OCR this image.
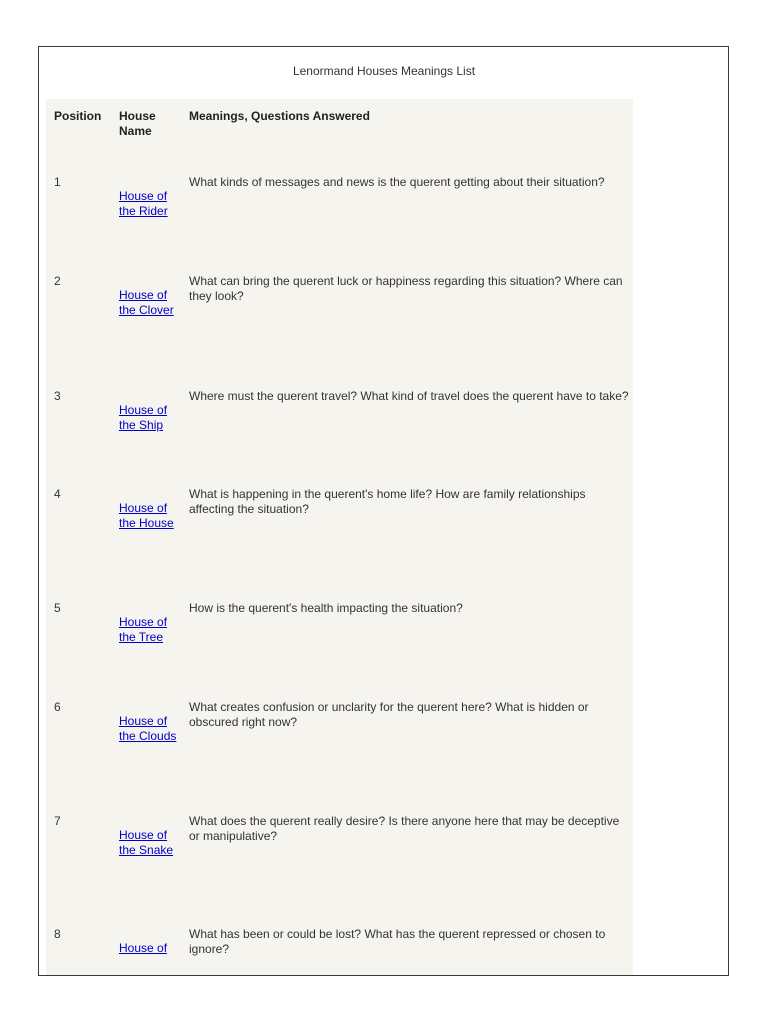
Lenormand Houses Meanings List
Position House Name
Meanings, Questions Answered
1
House of the Rider
What kinds of messages and news is the querent getting about their situation?
2
House of the Clover
What can bring the querent luck or happiness regarding this situation? Where can they look?
3
House of the Ship
Where must the querent travel? What kind of travel does the querent have to take?
4
House of the House
What is happening in the querent's home life? How are family relationships affecting the situation?
5
House of the Tree
How is the querent's health impacting the situation?
6
House of the Clouds
What creates confusion or unclarity for the querent here? What is hidden or obscured right now?
7
House of the Snake
What does the querent really desire? Is there anyone here that may be deceptive or manipulative?
8
House of
What has been or could be lost? What has the querent repressed or chosen to ignore?
